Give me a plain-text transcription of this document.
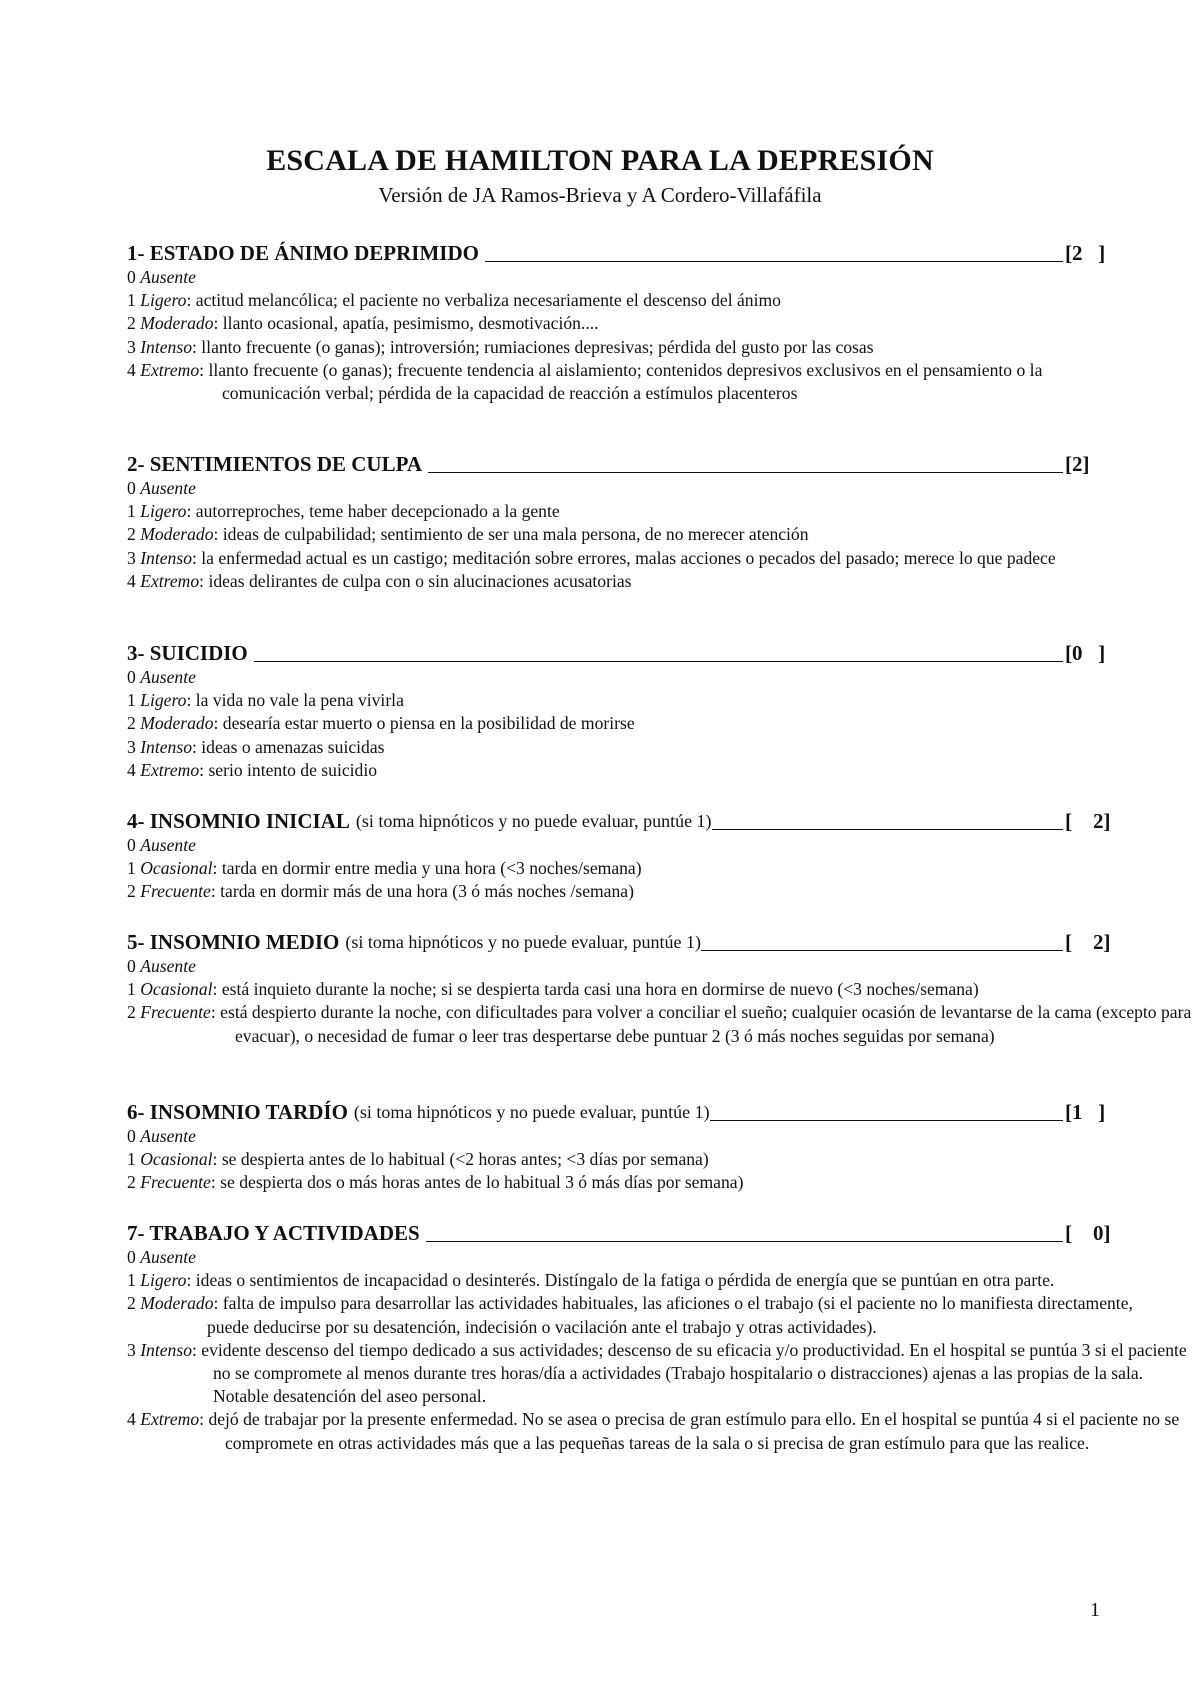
ESCALA DE HAMILTON PARA LA DEPRESIÓN
Versión de JA Ramos-Brieva y A Cordero-Villafáfila
1- ESTADO DE ÁNIMO DEPRIMIDO	[2   ]
0 Ausente
1 Ligero: actitud melancólica; el paciente no verbaliza necesariamente el descenso del ánimo
2 Moderado: llanto ocasional, apatía, pesimismo, desmotivación....
3 Intenso: llanto frecuente (o ganas); introversión; rumiaciones depresivas; pérdida del gusto por las cosas
4 Extremo: llanto frecuente (o ganas); frecuente tendencia al aislamiento; contenidos depresivos exclusivos en el pensamiento o la comunicación verbal; pérdida de la capacidad de reacción a estímulos placenteros
2- SENTIMIENTOS DE CULPA	[2]
0 Ausente
1 Ligero: autorreproches, teme haber decepcionado a la gente
2 Moderado: ideas de culpabilidad; sentimiento de ser una mala persona, de no merecer atención
3 Intenso: la enfermedad actual es un castigo; meditación sobre errores, malas acciones o pecados del pasado; merece lo que padece
4 Extremo: ideas delirantes de culpa con o sin alucinaciones acusatorias
3- SUICIDIO	[0   ]
0 Ausente
1 Ligero: la vida no vale la pena vivirla
2 Moderado: desearía estar muerto o piensa en la posibilidad de morirse
3 Intenso: ideas o amenazas suicidas
4 Extremo: serio intento de suicidio
4- INSOMNIO INICIAL (si toma hipnóticos y no puede evaluar, puntúe 1)	[    2]
0 Ausente
1 Ocasional: tarda en dormir entre media y una hora (<3 noches/semana)
2 Frecuente: tarda en dormir más de una hora (3 ó más noches /semana)
5- INSOMNIO MEDIO (si toma hipnóticos y no puede evaluar, puntúe 1)	[    2]
0 Ausente
1 Ocasional: está inquieto durante la noche; si se despierta tarda casi una hora en dormirse de nuevo (<3 noches/semana)
2 Frecuente: está despierto durante la noche, con dificultades para volver a conciliar el sueño; cualquier ocasión de levantarse de la cama (excepto para evacuar), o necesidad de fumar o leer tras despertarse debe puntuar 2 (3 ó más noches seguidas por semana)
6- INSOMNIO TARDÍO (si toma hipnóticos y no puede evaluar, puntúe 1)	[1   ]
0 Ausente
1 Ocasional: se despierta antes de lo habitual (<2 horas antes; <3 días por semana)
2 Frecuente: se despierta dos o más horas antes de lo habitual 3 ó más días por semana)
7- TRABAJO Y ACTIVIDADES	[    0]
0 Ausente
1 Ligero: ideas o sentimientos de incapacidad o desinterés. Distíngalo de la fatiga o pérdida de energía que se puntúan en otra parte.
2 Moderado: falta de impulso para desarrollar las actividades habituales, las aficiones o el trabajo (si el paciente no lo manifiesta directamente, puede deducirse por su desatención, indecisión o vacilación ante el trabajo y otras actividades).
3 Intenso: evidente descenso del tiempo dedicado a sus actividades; descenso de su eficacia y/o productividad. En el hospital se puntúa 3 si el paciente no se compromete al menos durante tres horas/día a actividades (Trabajo hospitalario o distracciones) ajenas a las propias de la sala. Notable desatención del aseo personal.
4 Extremo: dejó de trabajar por la presente enfermedad. No se asea o precisa de gran estímulo para ello. En el hospital se puntúa 4 si el paciente no se compromete en otras actividades más que a las pequeñas tareas de la sala o si precisa de gran estímulo para que las realice.
1
